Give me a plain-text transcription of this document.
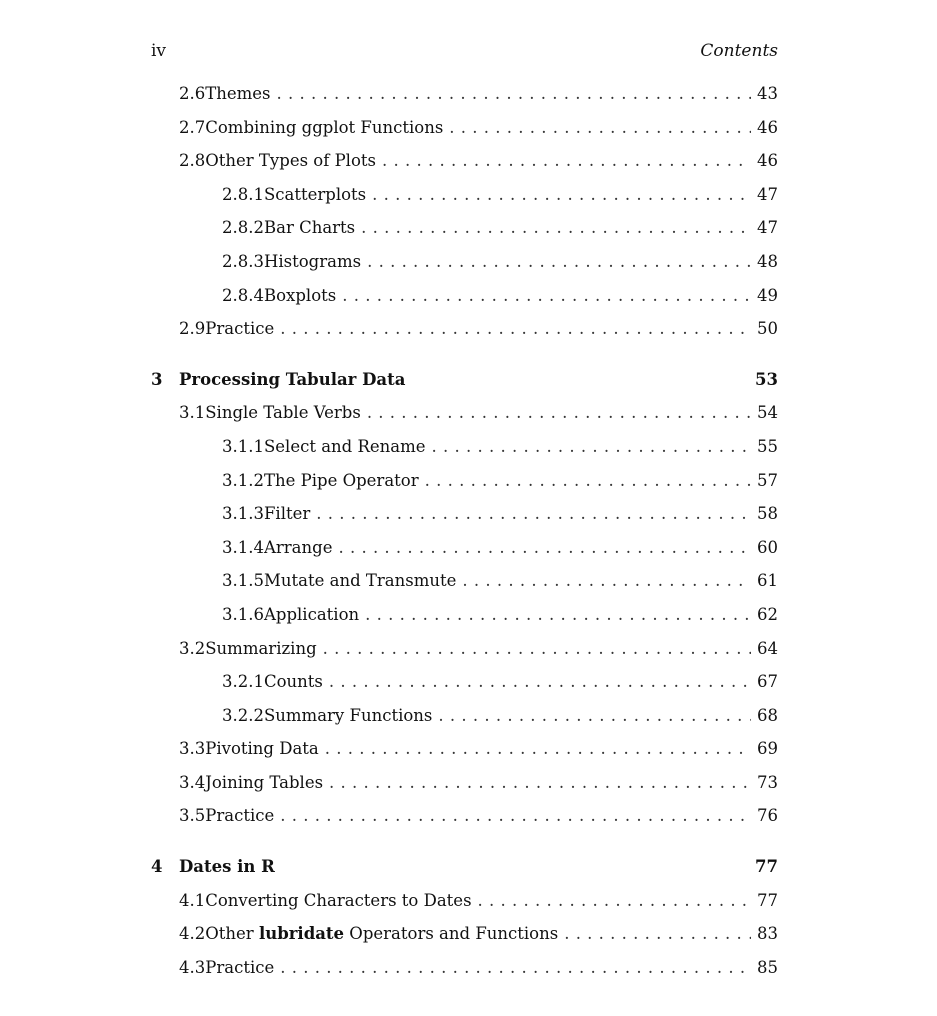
iv	Contents
2.6 Themes . . .	43
2.7 Combining ggplot Functions . . .	46
2.8 Other Types of Plots . . .	46
2.8.1 Scatterplots . . .	47
2.8.2 Bar Charts . . .	47
2.8.3 Histograms . . .	48
2.8.4 Boxplots . . .	49
2.9 Practice . . .	50
3	Processing Tabular Data	53
3.1 Single Table Verbs . . .	54
3.1.1 Select and Rename . . .	55
3.1.2 The Pipe Operator . . .	57
3.1.3 Filter . . .	58
3.1.4 Arrange . . .	60
3.1.5 Mutate and Transmute . . .	61
3.1.6 Application . . .	62
3.2 Summarizing . . .	64
3.2.1 Counts . . .	67
3.2.2 Summary Functions . . .	68
3.3 Pivoting Data . . .	69
3.4 Joining Tables . . .	73
3.5 Practice . . .	76
4	Dates in R	77
4.1 Converting Characters to Dates . . .	77
4.2 Other lubridate Operators and Functions . . .	83
4.3 Practice . . .	85
